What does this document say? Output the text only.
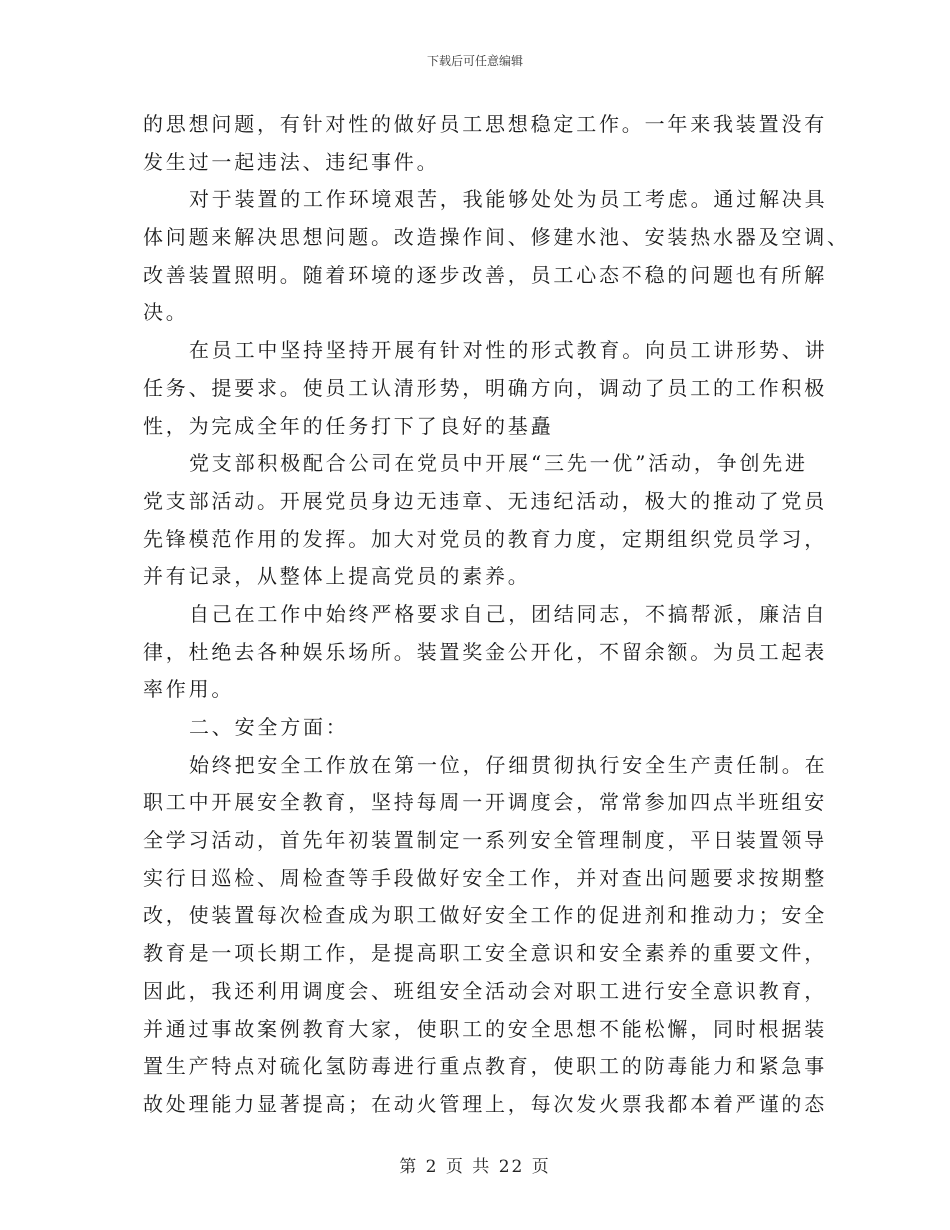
下载后可任意编辑
的思想问题，有针对性的做好员工思想稳定工作。一年来我装置没有
发生过一起违法、违纪事件。
对于装置的工作环境艰苦，我能够处处为员工考虑。通过解决具
体问题来解决思想问题。改造操作间、修建水池、安装热水器及空调、
改善装置照明。随着环境的逐步改善，员工心态不稳的问题也有所解
决。
在员工中坚持坚持开展有针对性的形式教育。向员工讲形势、讲
任务、提要求。使员工认清形势，明确方向，调动了员工的工作积极
性，为完成全年的任务打下了良好的基矗
党支部积极配合公司在党员中开展“三先一优”活动，争创先进
党支部活动。开展党员身边无违章、无违纪活动，极大的推动了党员
先锋模范作用的发挥。加大对党员的教育力度，定期组织党员学习，
并有记录，从整体上提高党员的素养。
自己在工作中始终严格要求自己，团结同志，不搞帮派，廉洁自
律，杜绝去各种娱乐场所。装置奖金公开化，不留余额。为员工起表
率作用。
二、安全方面：
始终把安全工作放在第一位，仔细贯彻执行安全生产责任制。在
职工中开展安全教育，坚持每周一开调度会，常常参加四点半班组安
全学习活动，首先年初装置制定一系列安全管理制度，平日装置领导
实行日巡检、周检查等手段做好安全工作，并对查出问题要求按期整
改，使装置每次检查成为职工做好安全工作的促进剂和推动力；安全
教育是一项长期工作，是提高职工安全意识和安全素养的重要文件，
因此，我还利用调度会、班组安全活动会对职工进行安全意识教育，
并通过事故案例教育大家，使职工的安全思想不能松懈，同时根据装
置生产特点对硫化氢防毒进行重点教育，使职工的防毒能力和紧急事
故处理能力显著提高；在动火管理上，每次发火票我都本着严谨的态
第 2 页 共 22 页
